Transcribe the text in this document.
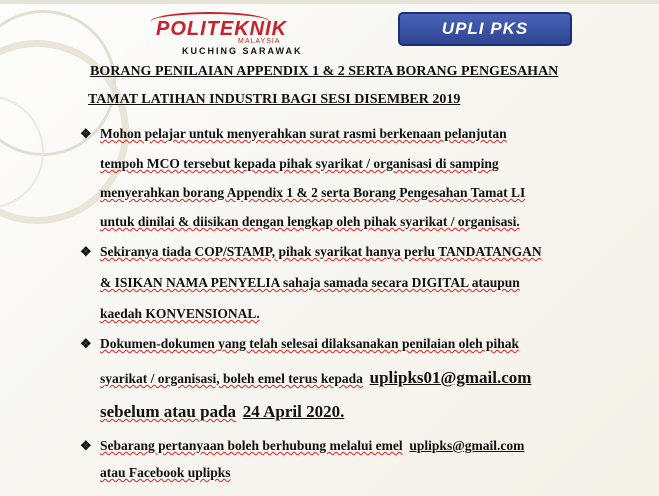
POLITEKNIK
MALAYSIA
KUCHING SARAWAK
UPLI PKS
BORANG PENILAIAN APPENDIX 1 & 2 SERTA BORANG PENGESAHAN
TAMAT LATIHAN INDUSTRI BAGI SESI DISEMBER 2019
❖ Mohon pelajar untuk menyerahkan surat rasmi berkenaan pelanjutan
tempoh MCO tersebut kepada pihak syarikat / organisasi di samping
menyerahkan borang Appendix 1 & 2 serta Borang Pengesahan Tamat LI
untuk dinilai & diisikan dengan lengkap oleh pihak syarikat / organisasi.
❖ Sekiranya tiada COP/STAMP, pihak syarikat hanya perlu TANDATANGAN
& ISIKAN NAMA PENYELIA sahaja samada secara DIGITAL ataupun
kaedah KONVENSIONAL.
❖ Dokumen-dokumen yang telah selesai dilaksanakan penilaian oleh pihak
syarikat / organisasi, boleh emel terus kepada uplipks01@gmail.com
sebelum atau pada 24 April 2020.
❖ Sebarang pertanyaan boleh berhubung melalui emel uplipks@gmail.com
atau Facebook uplipks
